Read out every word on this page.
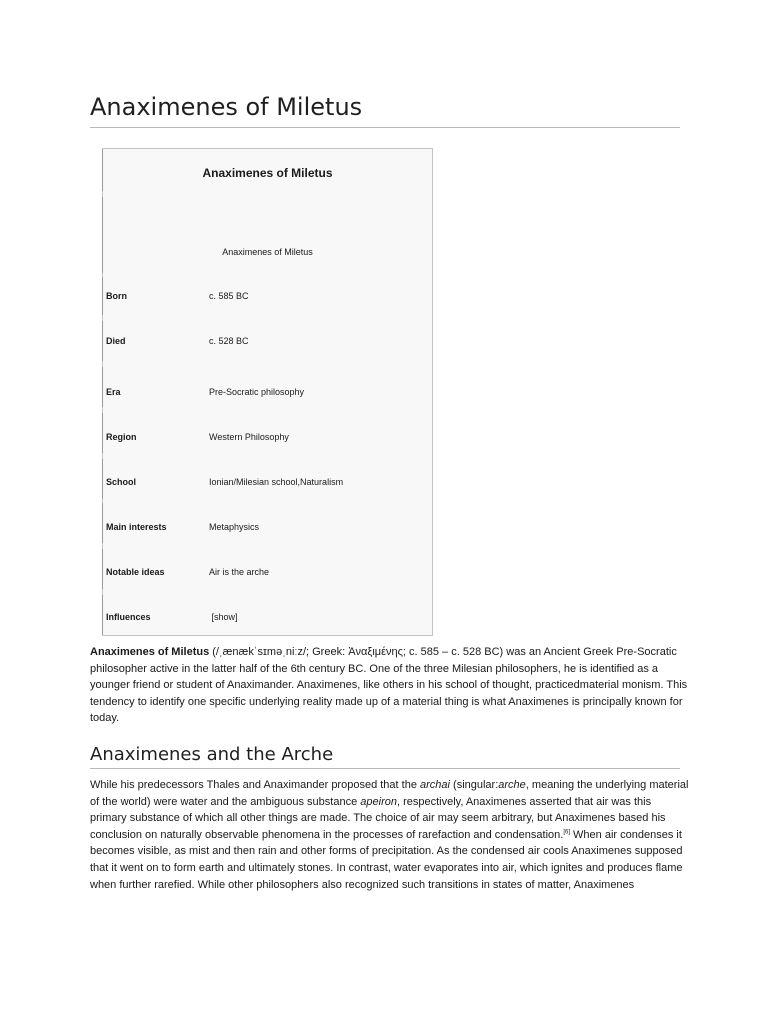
Anaximenes of Miletus
Anaximenes of Miletus
Anaximenes of Miletus
Born	c. 585 BC
Died	c. 528 BC
Era	Pre-Socratic philosophy
Region	Western Philosophy
School	Ionian/Milesian school,Naturalism
Main interests	Metaphysics
Notable ideas	Air is the arche
Influences	[show]

Anaximenes of Miletus (/ˌænækˈsɪməˌniːz/; Greek: Ἀναξιμένης; c. 585 – c. 528 BC) was an Ancient Greek Pre-Socratic philosopher active in the latter half of the 6th century BC. One of the three Milesian philosophers, he is identified as a younger friend or student of Anaximander. Anaximenes, like others in his school of thought, practicedmaterial monism. This tendency to identify one specific underlying reality made up of a material thing is what Anaximenes is principally known for today.

Anaximenes and the Arche

While his predecessors Thales and Anaximander proposed that the archai (singular:arche, meaning the underlying material of the world) were water and the ambiguous substance apeiron, respectively, Anaximenes asserted that air was this primary substance of which all other things are made. The choice of air may seem arbitrary, but Anaximenes based his conclusion on naturally observable phenomena in the processes of rarefaction and condensation.[6] When air condenses it becomes visible, as mist and then rain and other forms of precipitation. As the condensed air cools Anaximenes supposed that it went on to form earth and ultimately stones. In contrast, water evaporates into air, which ignites and produces flame when further rarefied. While other philosophers also recognized such transitions in states of matter, Anaximenes
